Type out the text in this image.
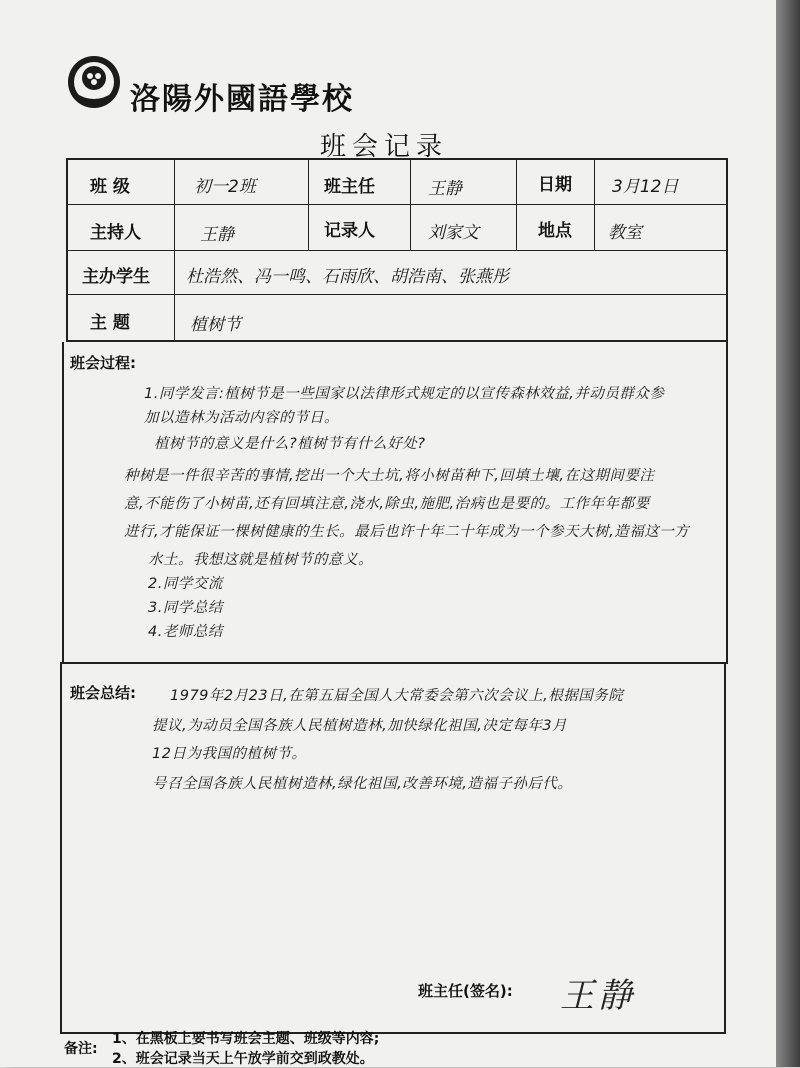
洛陽外國語學校
班会记录
班 级	初一2班	班主任	王静	日期 3月12日
主持人	王静	记录人	刘家文	地点 教室
主办学生 杜浩然、冯一鸣、石雨欣、胡浩南、张燕彤
主 题	植树节
班会过程:
1.同学发言:植树节是一些国家以法律形式规定的以宣传森林效益,并动员群众参
加以造林为活动内容的节日。
植树节的意义是什么?植树节有什么好处?
种树是一件很辛苦的事情,挖出一个大土坑,将小树苗种下,回填土壤,在这期间要注
意,不能伤了小树苗,还有回填注意,浇水,除虫,施肥,治病也是要的。工作年年都要
进行,才能保证一棵树健康的生长。最后也许十年二十年成为一个参天大树,造福这一方
水土。我想这就是植树节的意义。
2.同学交流
3.同学总结
4.老师总结
班会总结: 1979年2月23日,在第五届全国人大常委会第六次会议上,根据国务院
提议,为动员全国各族人民植树造林,加快绿化祖国,决定每年3月
12日为我国的植树节。
号召全国各族人民植树造林,绿化祖国,改善环境,造福子孙后代。
班主任(签名): 王静
备注:
1、在黑板上要书写班会主题、班级等内容;
2、班会记录当天上午放学前交到政教处。
